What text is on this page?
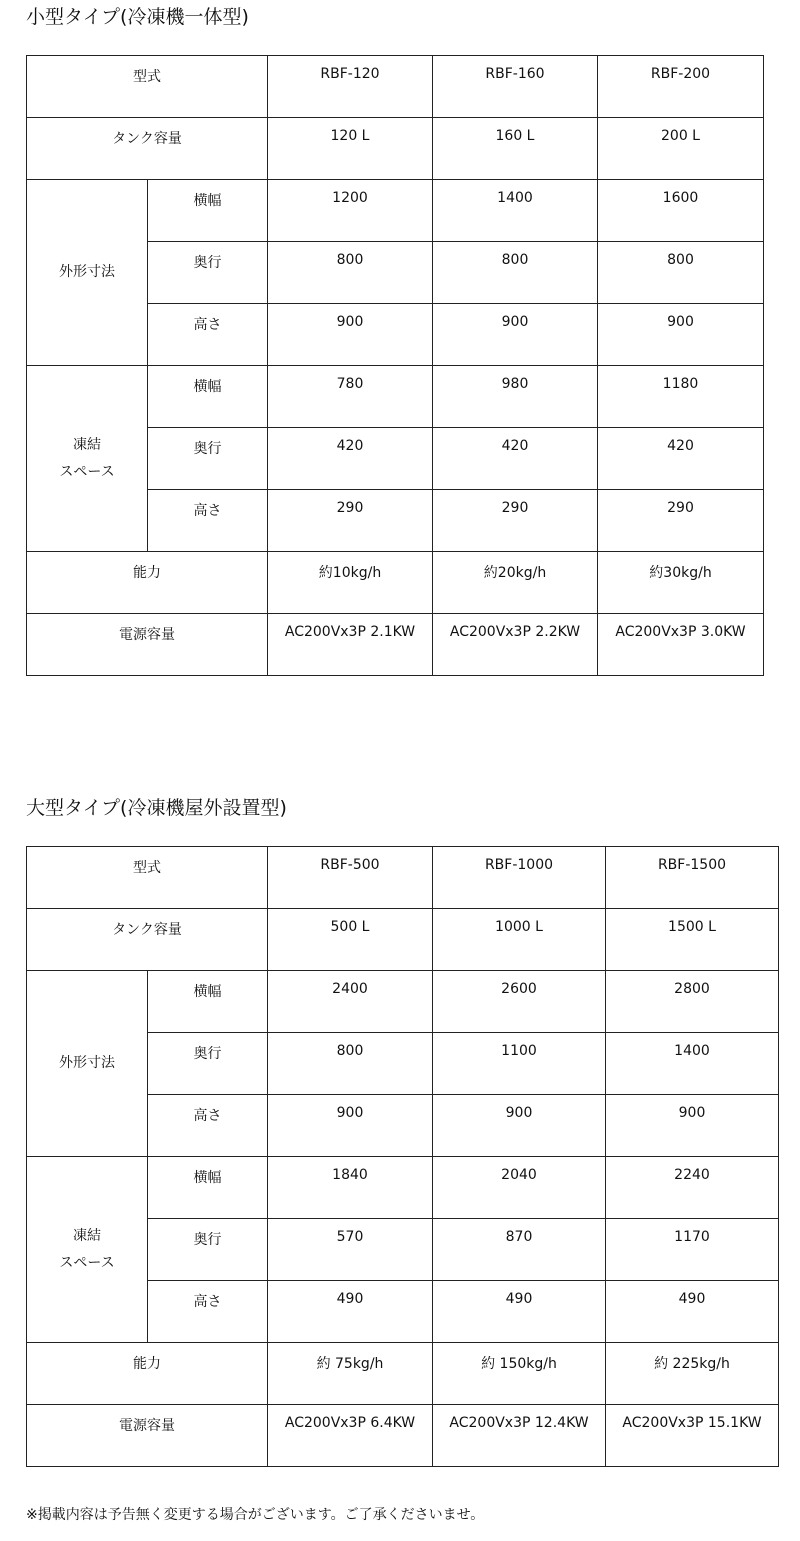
小型タイプ(冷凍機一体型)
型式		RBF-120	RBF-160	RBF-200
タンク容量		120 L	160 L	200 L
外形寸法	横幅	1200	1400	1600
	奥行	800	800	800
	高さ	900	900	900
凍結
スペース	横幅	780	980	1180
	奥行	420	420	420
	高さ	290	290	290
能力		約10kg/h	約20kg/h	約30kg/h
電源容量		AC200Vx3P 2.1KW	AC200Vx3P 2.2KW	AC200Vx3P 3.0KW
大型タイプ(冷凍機屋外設置型)
型式		RBF-500	RBF-1000	RBF-1500
タンク容量		500 L	1000 L	1500 L
外形寸法	横幅	2400	2600	2800
	奥行	800	1100	1400
	高さ	900	900	900
凍結
スペース	横幅	1840	2040	2240
	奥行	570	870	1170
	高さ	490	490	490
能力		約 75kg/h	約 150kg/h	約 225kg/h
電源容量		AC200Vx3P 6.4KW	AC200Vx3P 12.4KW	AC200Vx3P 15.1KW

※掲載内容は予告無く変更する場合がございます。ご了承くださいませ。
